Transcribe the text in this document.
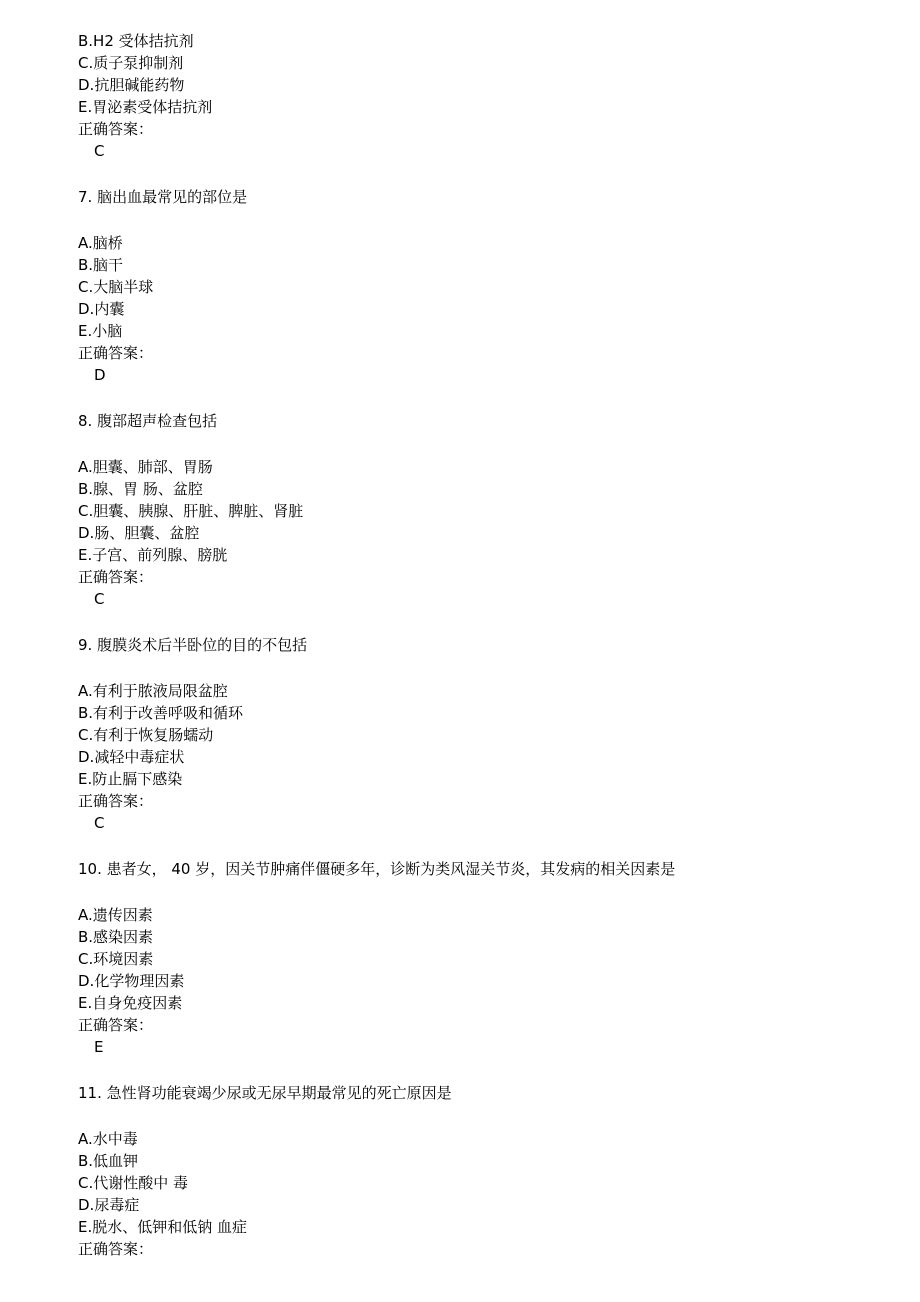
B.H2 受体拮抗剂
C.质子泵抑制剂
D.抗胆碱能药物
E.胃泌素受体拮抗剂
正确答案：
C
7. 脑出血最常见的部位是
A.脑桥
B.脑干
C.大脑半球
D.内囊
E.小脑
正确答案：
D
8. 腹部超声检查包括
A.胆囊、肺部、胃肠
B.腺、胃 肠、盆腔
C.胆囊、胰腺、肝脏、脾脏、肾脏
D.肠、胆囊、盆腔
E.子宫、前列腺、膀胱
正确答案：
C
9. 腹膜炎术后半卧位的目的不包括
A.有利于脓液局限盆腔
B.有利于改善呼吸和循环
C.有利于恢复肠蠕动
D.减轻中毒症状
E.防止膈下感染
正确答案：
C
10. 患者女， 40 岁，因关节肿痛伴僵硬多年，诊断为类风湿关节炎，其发病的相关因素是
A.遗传因素
B.感染因素
C.环境因素
D.化学物理因素
E.自身免疫因素
正确答案：
E
11. 急性肾功能衰竭少尿或无尿早期最常见的死亡原因是
A.水中毒
B.低血钾
C.代谢性酸中 毒
D.尿毒症
E.脱水、低钾和低钠 血症
正确答案：
